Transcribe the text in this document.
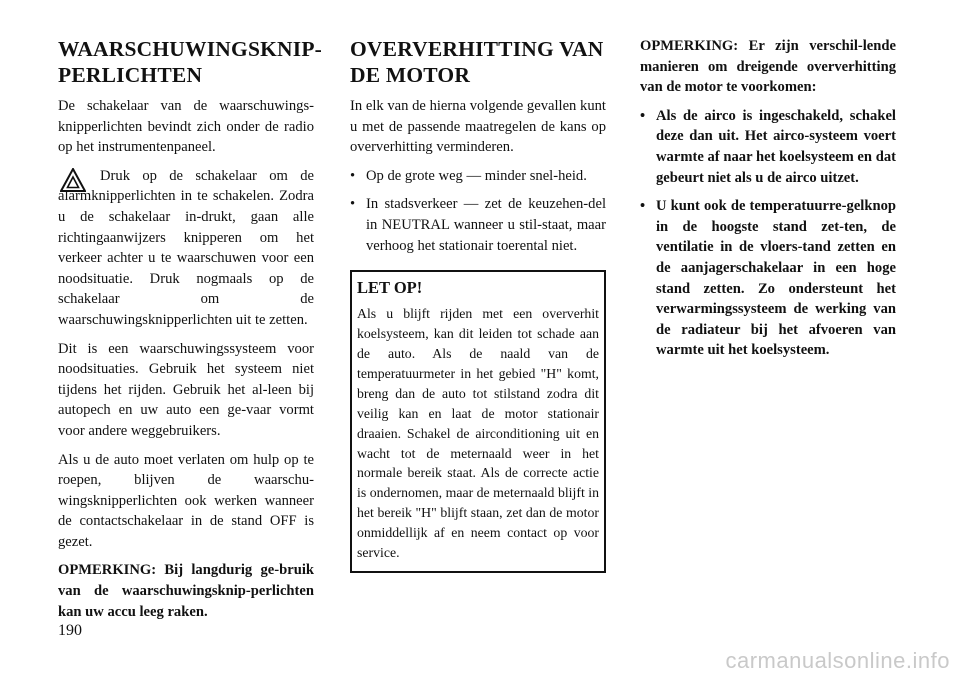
WAARSCHUWINGSKNIP-PERLICHTEN

De schakelaar van de waarschuwings-knipperlichten bevindt zich onder de radio op het instrumentenpaneel.

Druk op de schakelaar om de alarmknipperlichten in te schakelen. Zodra u de schakelaar in-drukt, gaan alle richtingaanwijzers knipperen om het verkeer achter u te waarschuwen voor een noodsituatie. Druk nogmaals op de schakelaar om de waarschuwingsknipperlichten uit te zetten.

Dit is een waarschuwingssysteem voor noodsituaties. Gebruik het systeem niet tijdens het rijden. Gebruik het al-leen bij autopech en uw auto een ge-vaar vormt voor andere weggebruikers.

Als u de auto moet verlaten om hulp op te roepen, blijven de waarschu-wingsknipperlichten ook werken wanneer de contactschakelaar in de stand OFF is gezet.

OPMERKING: Bij langdurig ge-bruik van de waarschuwingsknip-perlichten kan uw accu leeg raken.

OVERVERHITTING VAN DE MOTOR

In elk van de hierna volgende gevallen kunt u met de passende maatregelen de kans op oververhitting verminderen.

• Op de grote weg — minder snel-heid.
• In stadsverkeer — zet de keuzehen-del in NEUTRAL wanneer u stil-staat, maar verhoog het stationair toerental niet.
LET OP!

Als u blijft rijden met een oververhit koelsysteem, kan dit leiden tot schade aan de auto. Als de naald van de temperatuurmeter in het gebied "H" komt, breng dan de auto tot stilstand zodra dit veilig kan en laat de motor stationair draaien. Schakel de airconditioning uit en wacht tot de meternaald weer in het normale bereik staat. Als de correcte actie is ondernomen, maar de meternaald blijft in het bereik "H" blijft staan, zet dan de motor onmiddellijk af en neem contact op voor service.

OPMERKING: Er zijn verschil-lende manieren om dreigende oververhitting van de motor te voorkomen:

• Als de airco is ingeschakeld, schakel deze dan uit. Het airco-systeem voert warmte af naar het koelsysteem en dat gebeurt niet als u de airco uitzet.
• U kunt ook de temperatuurre-gelknop in de hoogste stand zet-ten, de ventilatie in de vloers-tand zetten en de aanjagerschakelaar in een hoge stand zetten. Zo ondersteunt het verwarmingssysteem de werking van de radiateur bij het afvoeren van warmte uit het koelsysteem.
190
carmanualsonline.info
